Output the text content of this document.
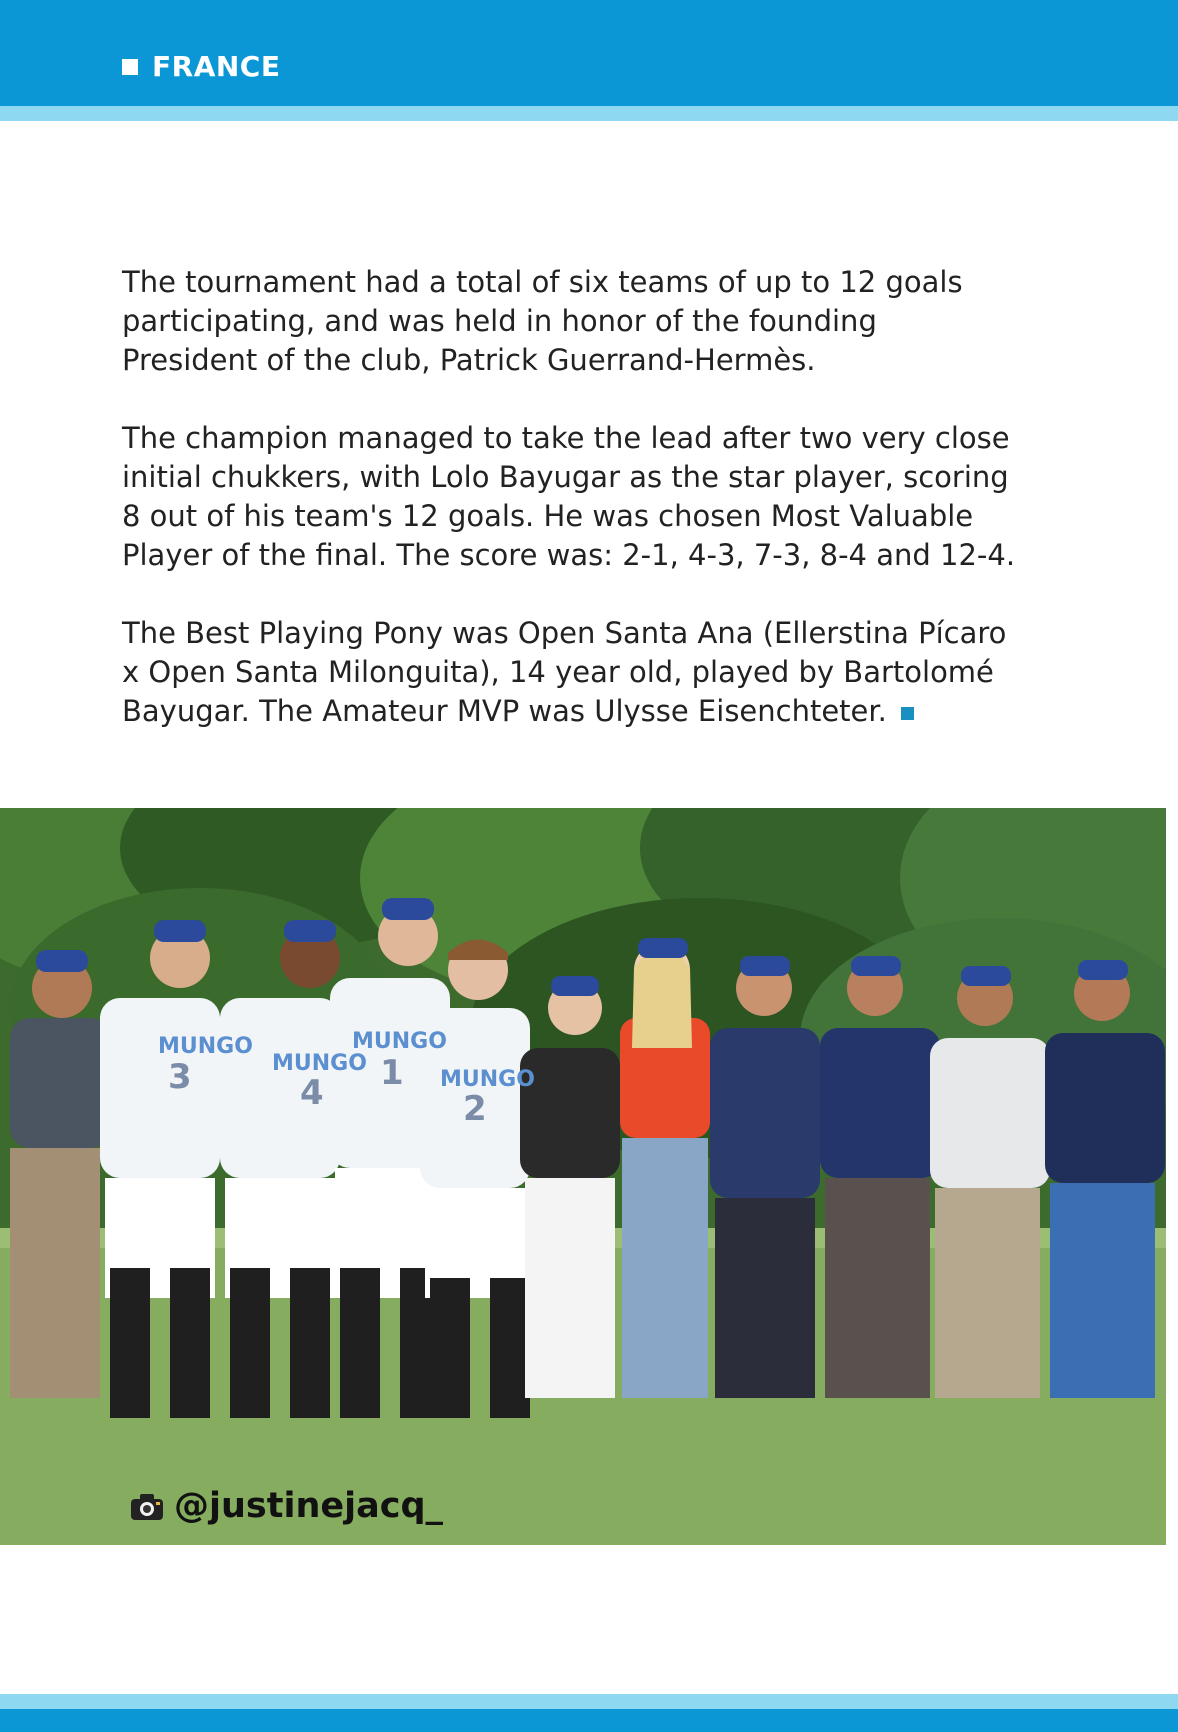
FRANCE

The tournament had a total of six teams of up to 12 goals
participating, and was held in honor of the founding
President of the club, Patrick Guerrand-Hermès.

The champion managed to take the lead after two very close
initial chukkers, with Lolo Bayugar as the star player, scoring
8 out of his team's 12 goals. He was chosen Most Valuable
Player of the final. The score was: 2-1, 4-3, 7-3, 8-4 and 12-4.

The Best Playing Pony was Open Santa Ana (Ellerstina Pícaro
x Open Santa Milonguita), 14 year old, played by Bartolomé
Bayugar. The Amateur MVP was Ulysse Eisenchteter.

MUNGO
3	MUNGO
4
MUNGO
1 MUNGO
2
@justinejacq_
